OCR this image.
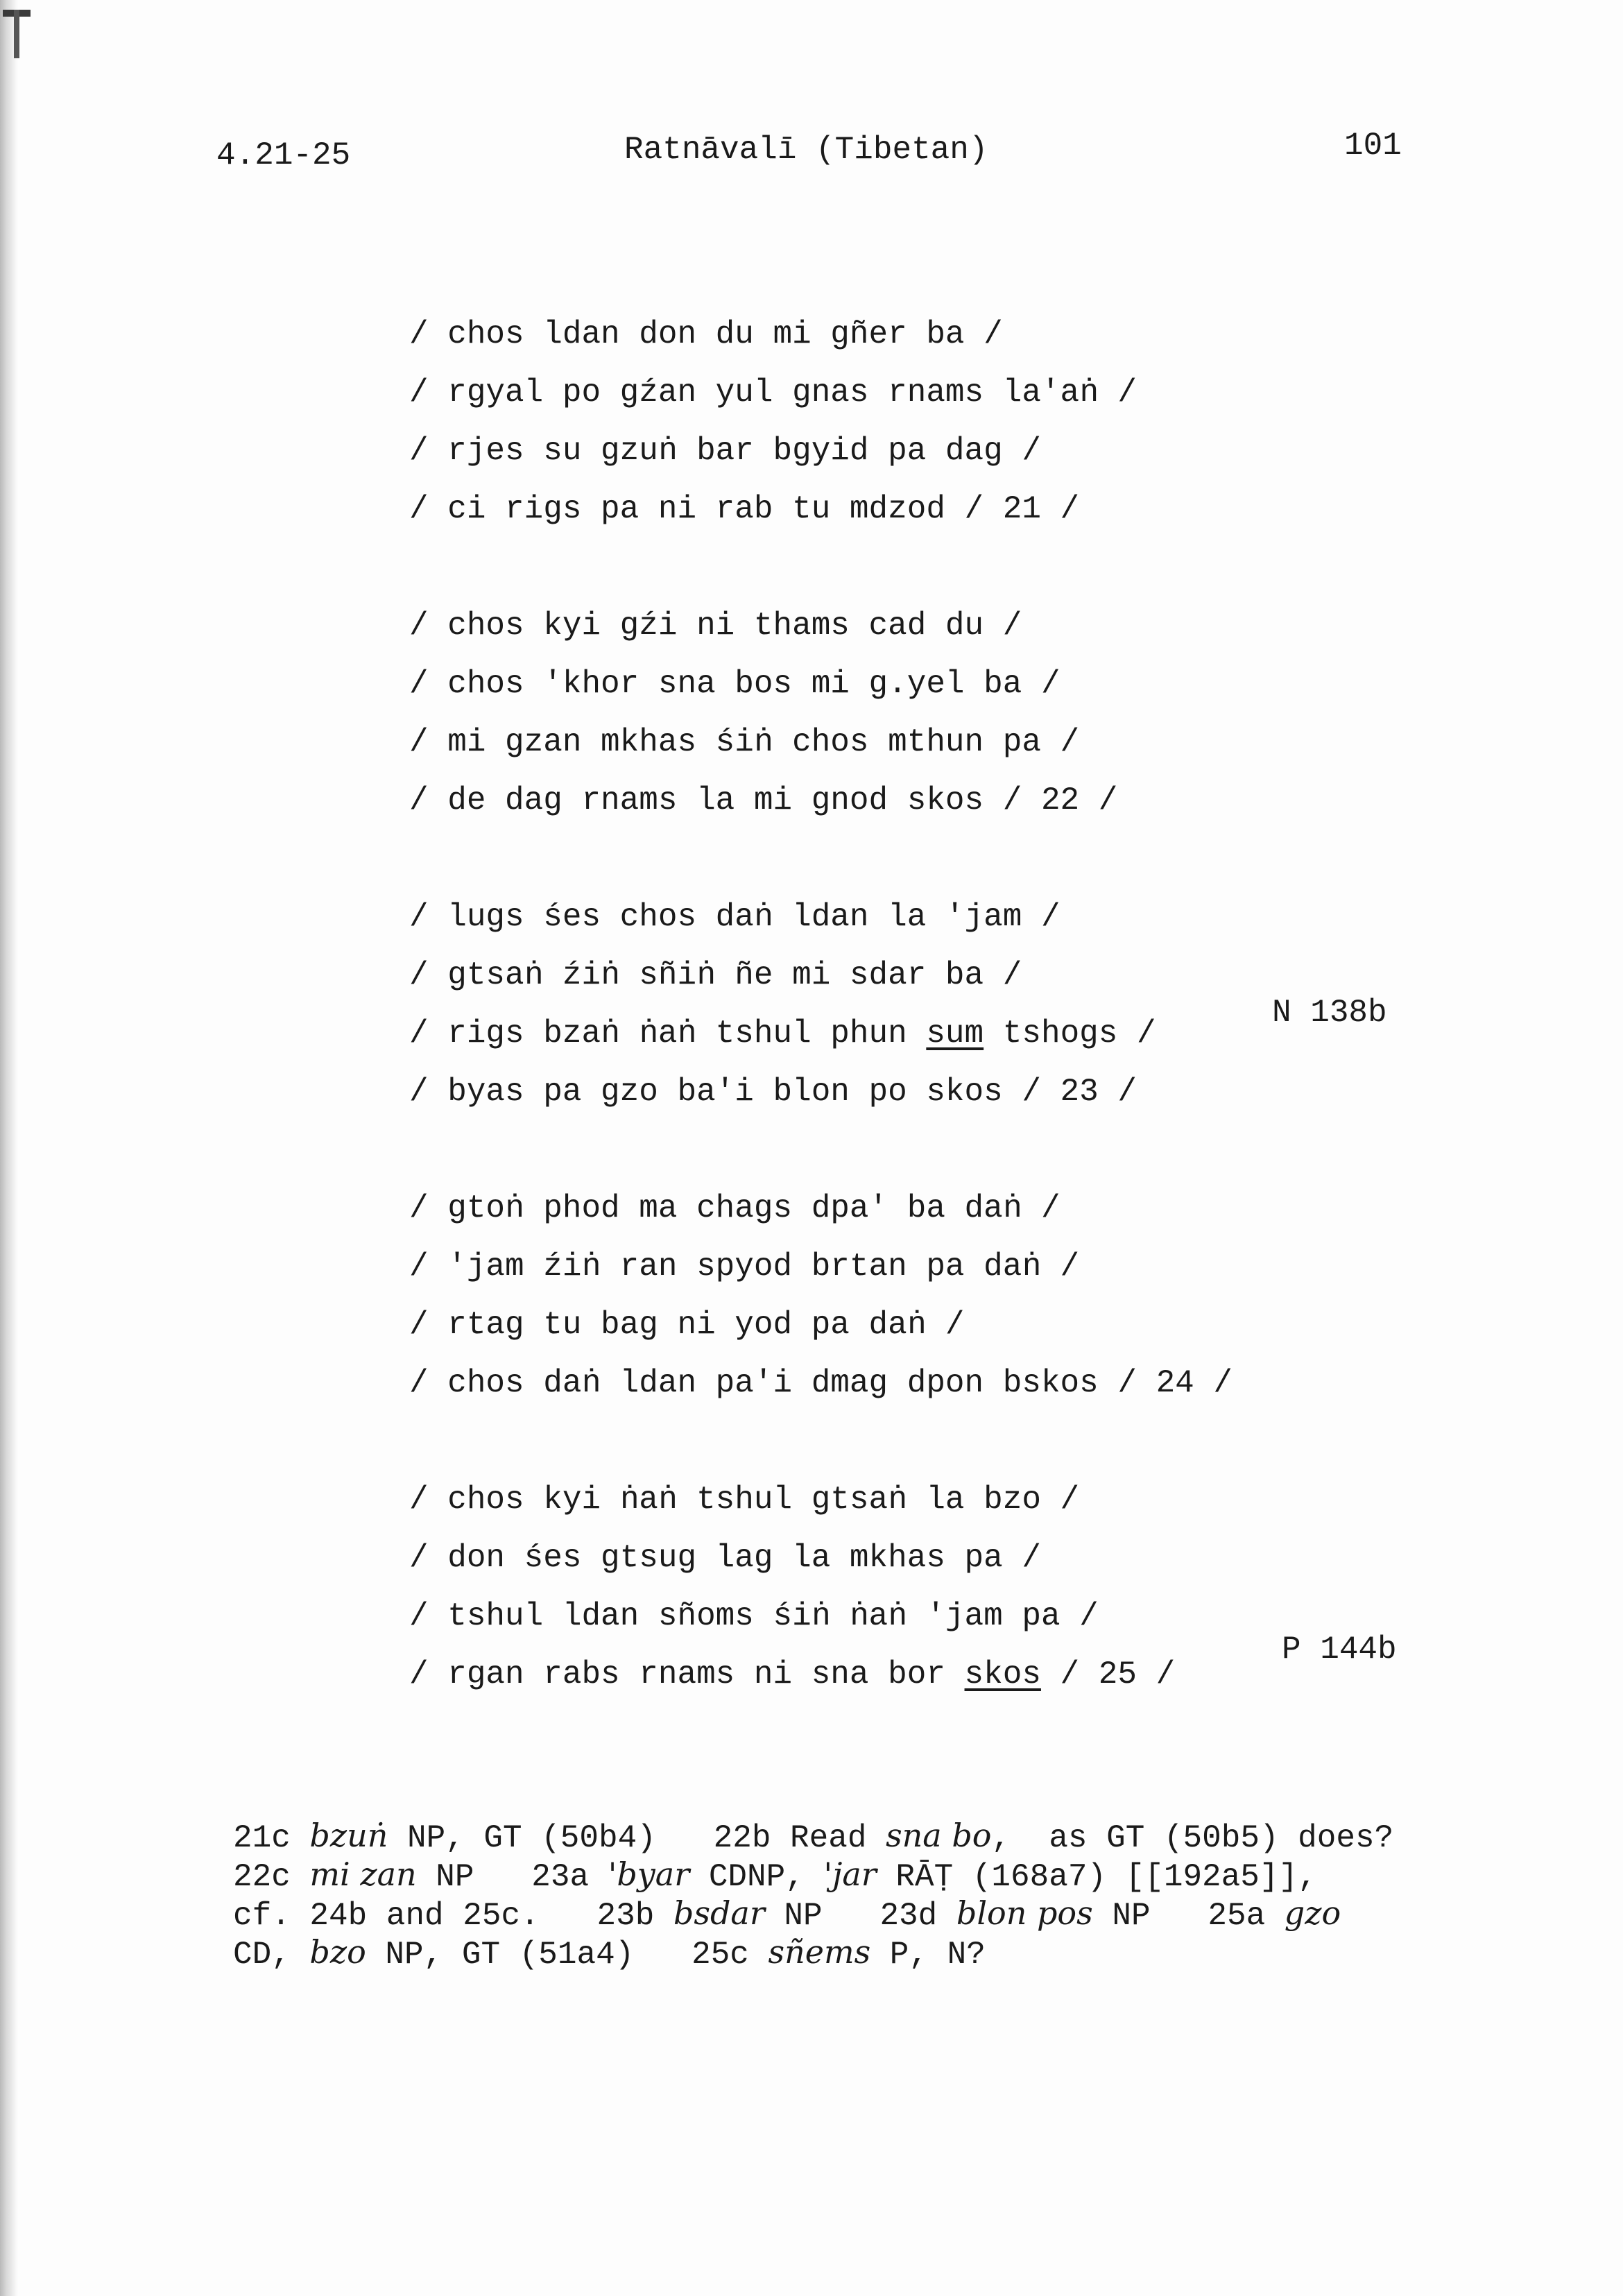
4.21-25	Ratnāvalī (Tibetan)	101
/ chos ldan don du mi gñer ba /
/ rgyal po gźan yul gnas rnams la'aṅ /
/ rjes su gzuṅ bar bgyid pa dag /
/ ci rigs pa ni rab tu mdzod / 21 /
/ chos kyi gźi ni thams cad du /
/ chos 'khor sna bos mi g.yel ba /
/ mi gzan mkhas śiṅ chos mthun pa /
/ de dag rnams la mi gnod skos / 22 /
/ lugs śes chos daṅ ldan la 'jam /
/ gtsaṅ źiṅ sñiṅ ñe mi sdar ba /
/ rigs bzaṅ ṅaṅ tshul phun sum tshogs /
/ byas pa gzo ba'i blon po skos / 23 /
/ gtoṅ phod ma chags dpa' ba daṅ /
/ 'jam źiṅ ran spyod brtan pa daṅ /
/ rtag tu bag ni yod pa daṅ /
/ chos daṅ ldan pa'i dmag dpon bskos / 24 /
/ chos kyi ṅaṅ tshul gtsaṅ la bzo /
/ don śes gtsug lag la mkhas pa /
/ tshul ldan sñoms śiṅ ṅaṅ 'jam pa /
/ rgan rabs rnams ni sna bor skos / 25 /
N 138b
P 144b
21c bzuṅ NP, GT (50b4)   22b Read sna bo,  as GT (50b5) does?
22c mi zan NP   23a 'byar CDNP, 'jar RĀṬ (168a7) [[192a5]],
cf. 24b and 25c.   23b bsdar NP   23d blon pos NP   25a gzo
CD, bzo NP, GT (51a4)   25c sñems P, N?
